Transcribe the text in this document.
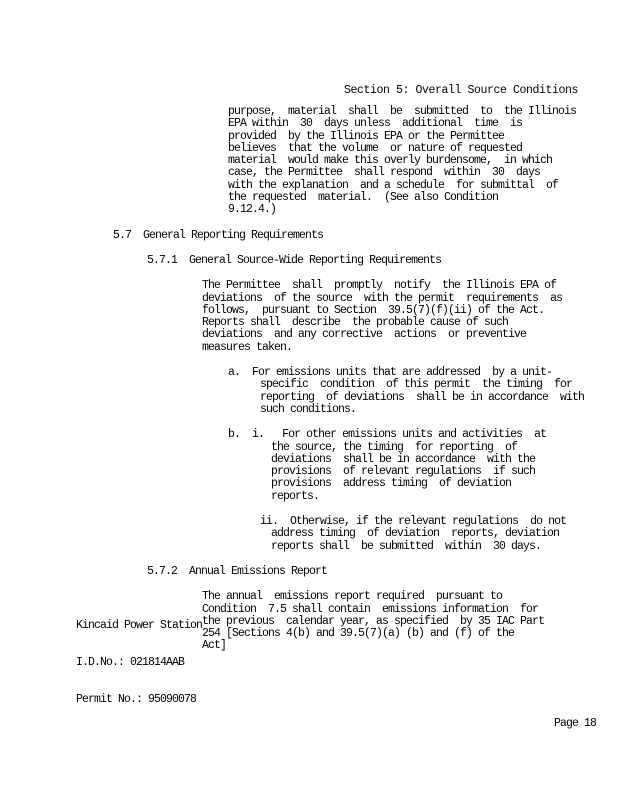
Section 5: Overall Source Conditions
purpose,  material  shall  be  submitted  to  the Illinois
EPA within  30  days unless  additional  time  is
provided  by the Illinois EPA or the Permittee
believes  that the volume  or nature of requested
material  would make this overly burdensome,  in which
case, the Permittee  shall respond  within  30  days
with the explanation  and a schedule  for submittal  of
the requested  material.  (See also Condition
9.12.4.)
5.7 General Reporting Requirements
5.7.1 General Source-Wide Reporting Requirements
The Permittee  shall  promptly  notify  the Illinois EPA of
deviations  of the source  with the permit  requirements  as
follows,  pursuant to Section  39.5(7)(f)(ii) of the Act.
Reports shall  describe  the probable cause of such
deviations  and any corrective  actions  or preventive
measures taken.
a. For emissions units that are addressed  by a unit-
specific  condition  of this permit  the timing  for
reporting  of deviations  shall be in accordance  with
such conditions.
b. i. For other emissions units and activities  at
the source, the timing  for reporting  of
deviations  shall be in accordance  with the
provisions  of relevant regulations  if such
provisions  address timing  of deviation
reports.
ii. Otherwise, if the relevant regulations  do not
address timing  of deviation  reports, deviation
reports shall  be submitted  within  30 days.
5.7.2 Annual Emissions Report
The annual  emissions report required  pursuant to
Condition  7.5 shall contain  emissions information  for
the previous  calendar year, as specified  by 35 IAC Part
254 [Sections 4(b) and 39.5(7)(a) (b) and (f) of the
Act]

Kincaid Power Station

I.D.No.: 021814AAB

Permit No.: 95090078

Page 18
